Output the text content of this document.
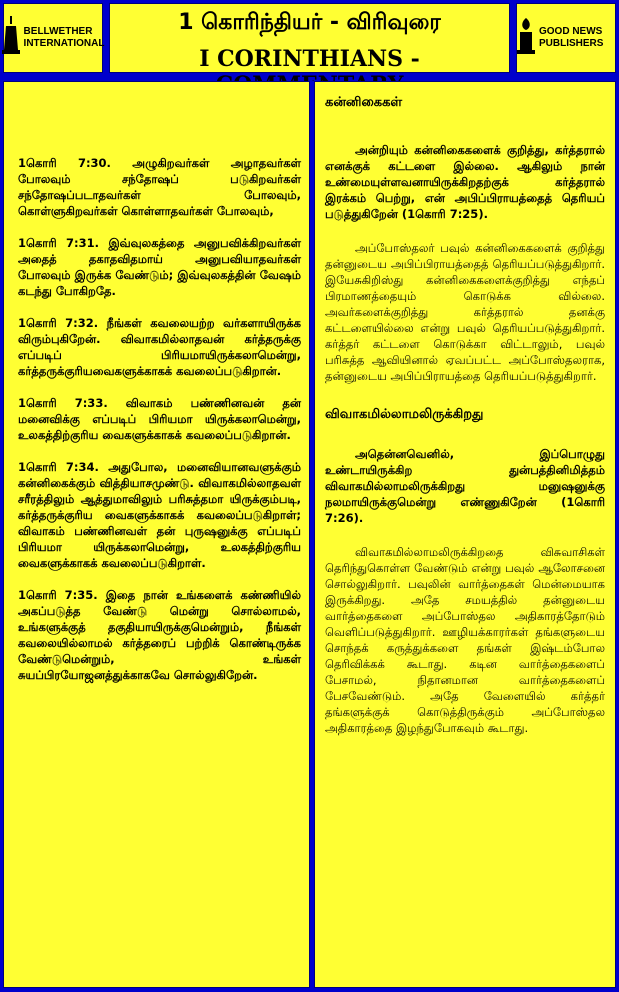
BELLWETHER INTERNATIONAL
1 கொரிந்தியர் - விரிவுரை
I CORINTHIANS -
GOOD NEWS PUBLISHERS

1கொரி 7:30. அழுகிறவர்கள் அழாதவர்கள் போலவும் சந்தோஷப் படுகிறவர்கள் சந்தோஷப்படாதவர்கள் போலவும், கொள்ளுகிறவர்கள் கொள்ளாதவர்கள் போலவும்,

1கொரி 7:31. இவ்வுலகத்தை அனுபவிக்கிறவர்கள் அதைத் தகாதவிதமாய் அனுபவியாதவர்கள் போலவும் இருக்க வேண்டும்; இவ்வுலகத்தின் வேஷம் கடந்து போகிறதே.

1கொரி 7:32. நீங்கள் கவலையற்ற வர்களாயிருக்க விரும்புகிறேன். விவாகமில்லாதவன் கர்த்தருக்கு எப்படிப் பிரியமாயிருக்கலாமென்று, கர்த்தருக்குரியவைகளுக்காகக் கவலைப்படுகிறான்.

1கொரி 7:33. விவாகம் பண்ணினவன் தன் மனைவிக்கு எப்படிப் பிரியமா யிருக்கலாமென்று, உலகத்திற்குரிய வைகளுக்காகக் கவலைப்படுகிறான்.

1கொரி 7:34. அதுபோல, மனைவியானவளுக்கும் கன்னிகைக்கும் வித்தியாசமுண்டு. விவாகமில்லாதவள் சரீரத்திலும் ஆத்துமாவிலும் பரிசுத்தமா யிருக்கும்படி, கர்த்தருக்குரிய வைகளுக்காகக் கவலைப்படுகிறாள்; விவாகம் பண்ணினவள் தன் புருஷனுக்கு எப்படிப் பிரியமா யிருக்கலாமென்று, உலகத்திற்குரிய வைகளுக்காகக் கவலைப்படுகிறாள்.

1கொரி 7:35. இதை நான் உங்களைக் கண்ணியில் அகப்படுத்த வேண்டு மென்று சொல்லாமல், உங்களுக்குத் தகுதியாயிருக்குமென்றும், நீங்கள் கவலையில்லாமல் கர்த்தரைப் பற்றிக் கொண்டிருக்க வேண்டுமென்றும், உங்கள் சுயப்பிரயோஜனத்துக்காகவே சொல்லுகிறேன்.

கன்னிகைகள்

அன்றியும் கன்னிகைகளைக் குறித்து, கர்த்தரால் எனக்குக் கட்டளை இல்லை. ஆகிலும் நான் உண்மையுள்ளவனாயிருக்கிறதற்குக் கர்த்தரால் இரக்கம் பெற்று, என் அபிப்பிராயத்தைத் தெரியப் படுத்துகிறேன் (1கொரி 7:25).

அப்போஸ்தலர் பவுல் கன்னிகைகளைக் குறித்து தன்னுடைய அபிப்பிராயத்தைத் தெரியப்படுத்துகிறார். இயேசுகிறிஸ்து கன்னிகைகளைக்குறித்து எந்தப் பிரமாணத்தையும் கொடுக்க வில்லை. அவர்களைக்குறித்து கர்த்தரால் தனக்கு கட்டளையில்லை என்று பவுல் தெரியப்படுத்துகிறார். கர்த்தர் கட்டளை கொடுக்கா விட்டாலும், பவுல் பரிசுத்த ஆவியினால் ஏவப்பட்ட அப்போஸ்தலராக, தன்னுடைய அபிப்பிராயத்தை தெரியப்படுத்துகிறார்.

விவாகமில்லாமலிருக்கிறது

அதென்னவெனில், இப்பொழுது உண்டாயிருக்கிற துன்பத்தினிமித்தம் விவாகமில்லாமலிருக்கிறது மனுஷனுக்கு நலமாயிருக்குமென்று எண்ணுகிறேன் (1கொரி 7:26).

விவாகமில்லாமலிருக்கிறதை விசுவாசிகள் தெரிந்துகொள்ள வேண்டும் என்று பவுல் ஆலோசனை சொல்லுகிறார். பவுலின் வார்த்தைகள் மென்மையாக இருக்கிறது. அதே சமயத்தில் தன்னுடைய வார்த்தைகளை அப்போஸ்தல அதிகாரத்தோடும் வெளிப்படுத்துகிறார். ஊழியக்காரர்கள் தங்களுடைய சொந்தக் கருத்துக்களை தங்கள் இஷ்டம்போல தெரிவிக்கக் கூடாது. கடின வார்த்தைகளைப் பேசாமல், நிதானமான வார்த்தைகளைப் பேசவேண்டும். அதே வேளையில் கர்த்தர் தங்களுக்குக் கொடுத்திருக்கும் அப்போஸ்தல அதிகாரத்தை இழந்துபோகவும் கூடாது.
